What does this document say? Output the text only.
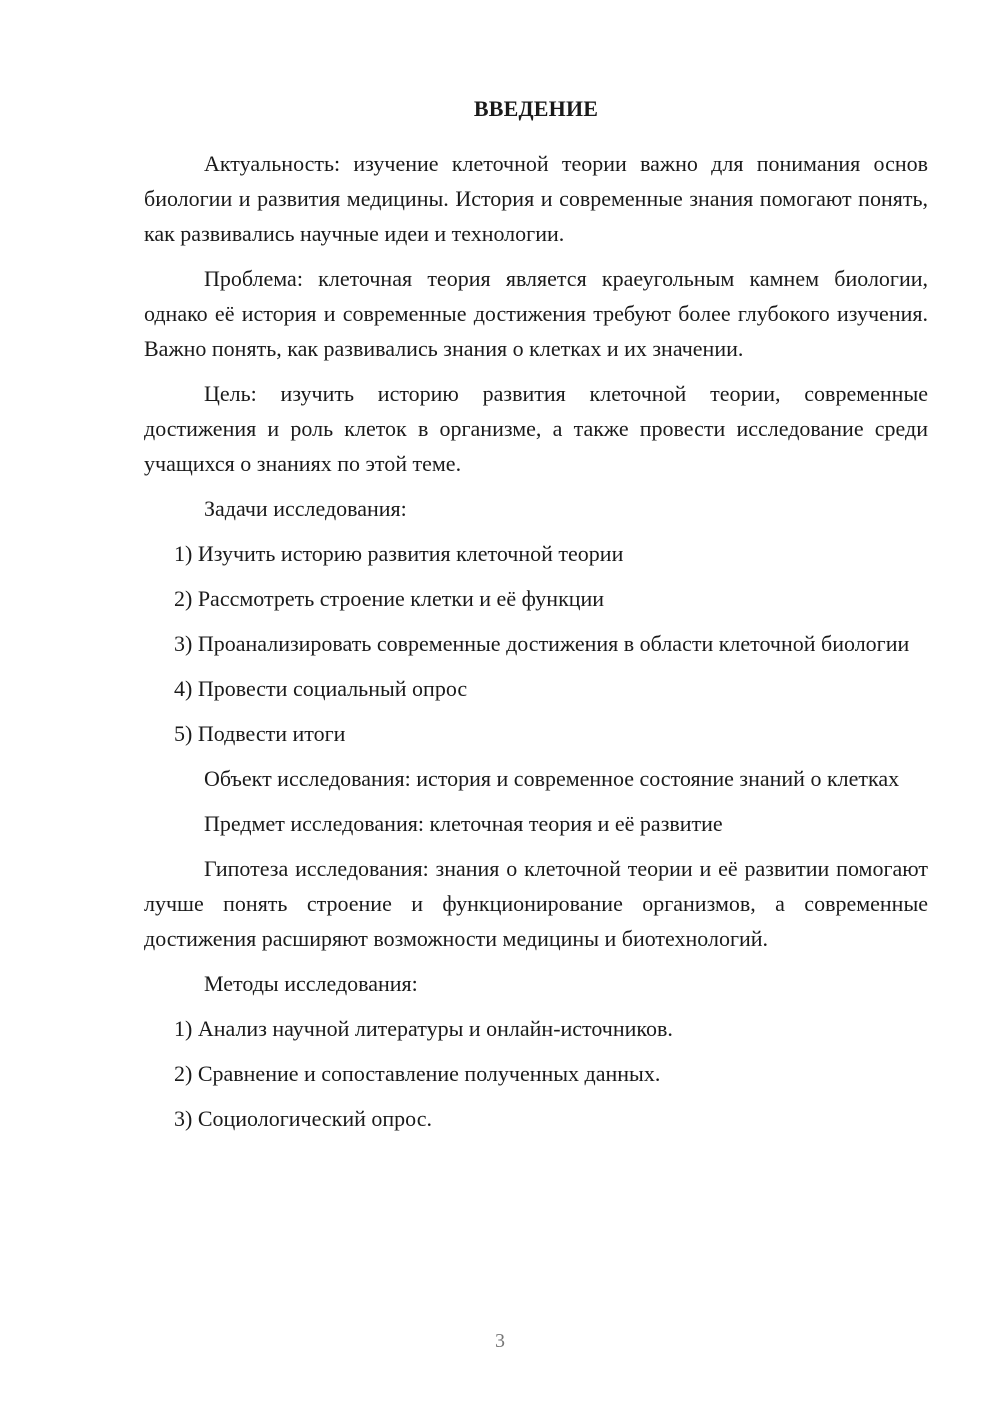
ВВЕДЕНИЕ

Актуальность: изучение клеточной теории важно для понимания основ биологии и развития медицины. История и современные знания помогают понять, как развивались научные идеи и технологии.

Проблема: клеточная теория является краеугольным камнем биологии, однако её история и современные достижения требуют более глубокого изучения. Важно понять, как развивались знания о клетках и их значении.

Цель: изучить историю развития клеточной теории, современные достижения и роль клеток в организме, а также провести исследование среди учащихся о знаниях по этой теме.

Задачи исследования:

1) Изучить историю развития клеточной теории

2) Рассмотреть строение клетки и её функции

3) Проанализировать современные достижения в области клеточной биологии

4) Провести социальный опрос

5) Подвести итоги

Объект исследования: история и современное состояние знаний о клетках

Предмет исследования: клеточная теория и её развитие

Гипотеза исследования: знания о клеточной теории и её развитии помогают лучше понять строение и функционирование организмов, а современные достижения расширяют возможности медицины и биотехнологий.

Методы исследования:

1) Анализ научной литературы и онлайн-источников.

2) Сравнение и сопоставление полученных данных.

3) Социологический опрос.

3
